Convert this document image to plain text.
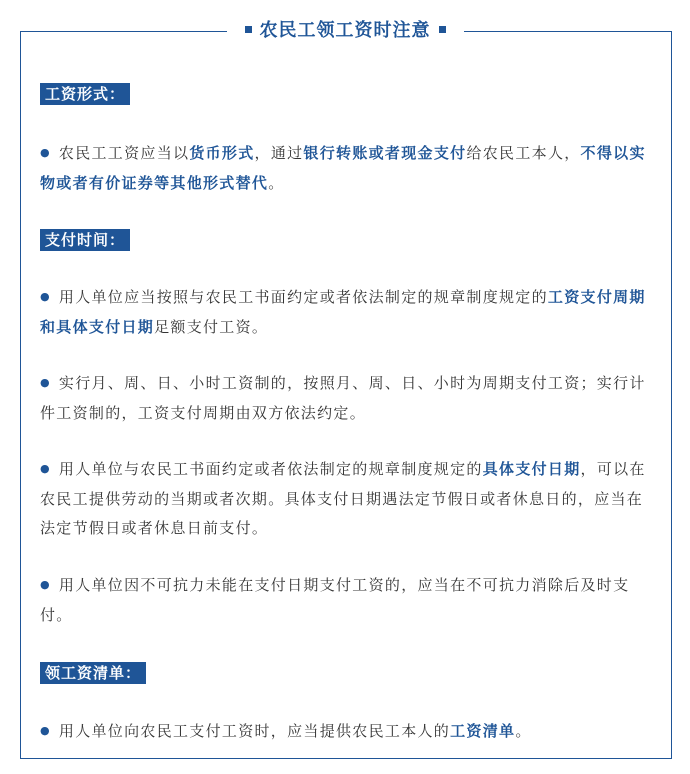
农民工领工资时注意
工资形式：

● 农民工工资应当以货币形式，通过银行转账或者现金支付给农民工本人，不得以实物或者有价证券等其他形式替代。

支付时间：

● 用人单位应当按照与农民工书面约定或者依法制定的规章制度规定的工资支付周期和具体支付日期足额支付工资。

● 实行月、周、日、小时工资制的，按照月、周、日、小时为周期支付工资；实行计件工资制的，工资支付周期由双方依法约定。

● 用人单位与农民工书面约定或者依法制定的规章制度规定的具体支付日期，可以在农民工提供劳动的当期或者次期。具体支付日期遇法定节假日或者休息日的，应当在法定节假日或者休息日前支付。

● 用人单位因不可抗力未能在支付日期支付工资的，应当在不可抗力消除后及时支付。

领工资清单：

● 用人单位向农民工支付工资时，应当提供农民工本人的工资清单。
